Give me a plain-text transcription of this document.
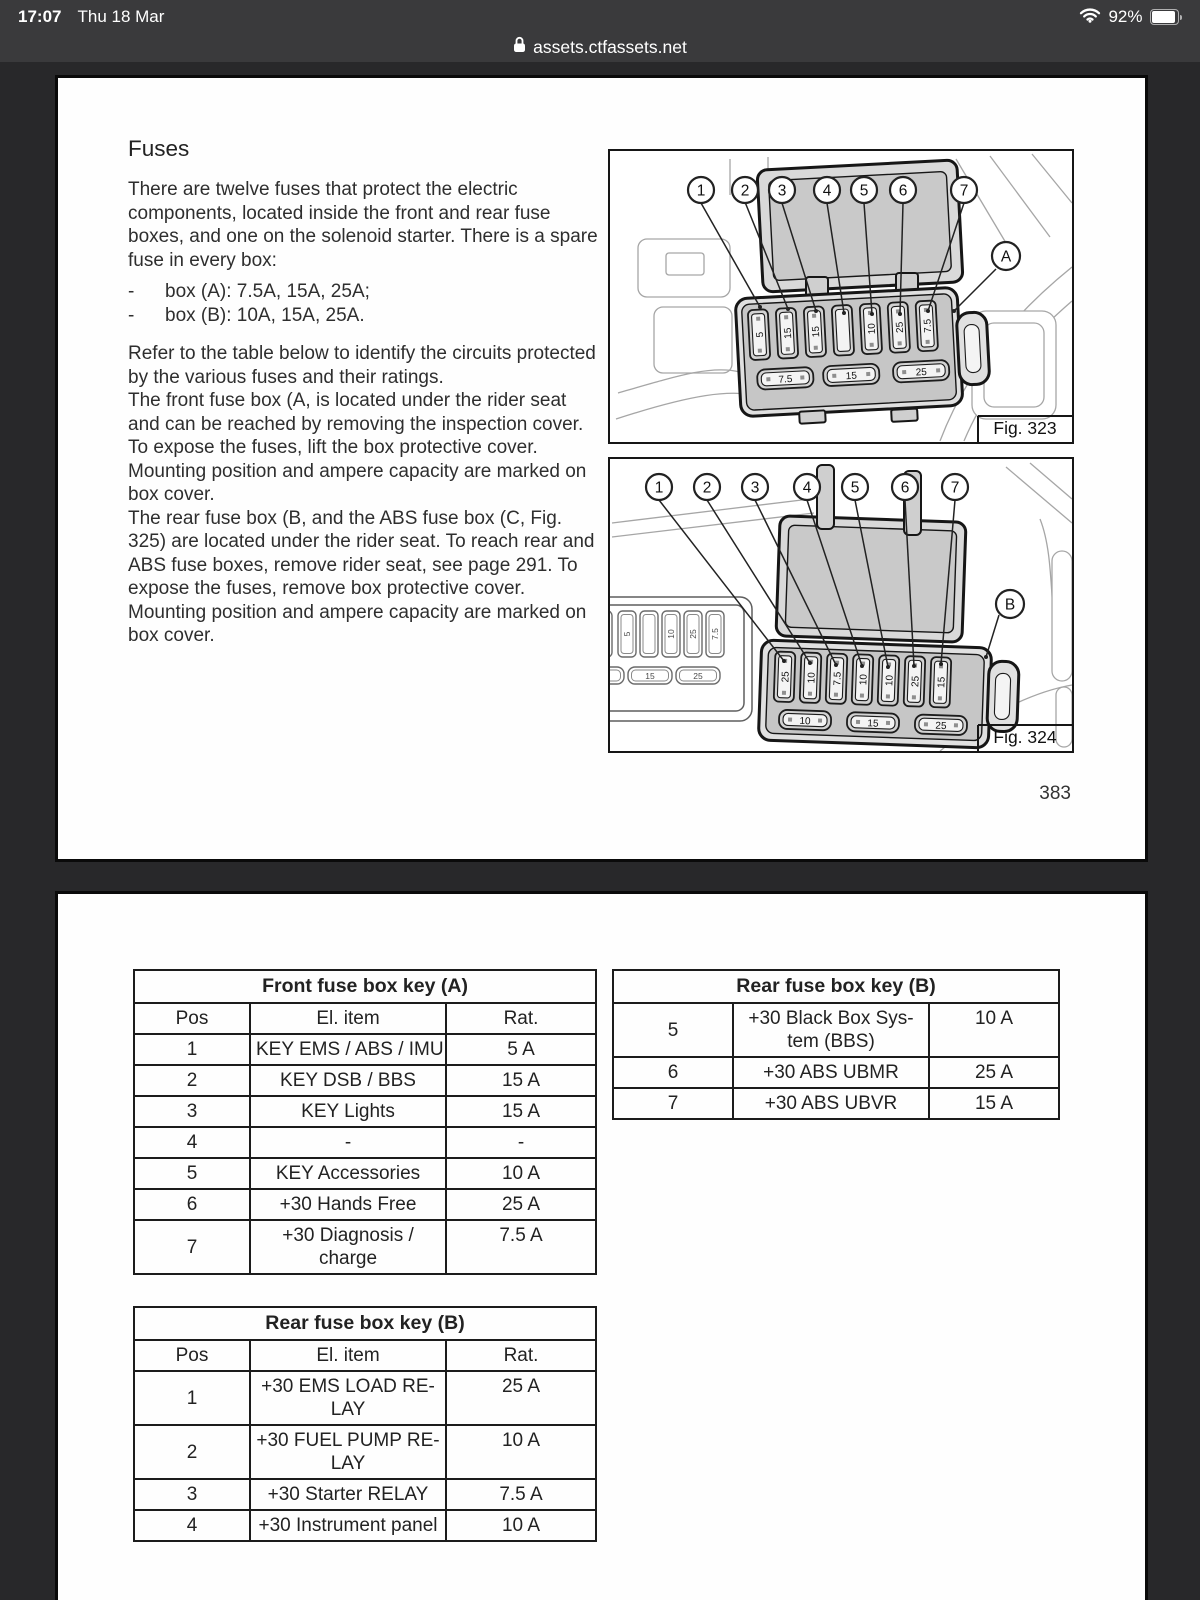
17:07 Thu 18 Mar	92%
assets.ctfassets.net
Fuses

There are twelve fuses that protect the electric components, located inside the front and rear fuse boxes, and one on the solenoid starter. There is a spare fuse in every box:

-	box (A): 7.5A, 15A, 25A;
-	box (B): 10A, 15A, 25A.
Refer to the table below to identify the circuits protected by the various fuses and their ratings.
The front fuse box (A, is located under the rider seat and can be reached by removing the inspection cover. To expose the fuses, lift the box protective cover. Mounting position and ampere capacity are marked on box cover.
The rear fuse box (B, and the ABS fuse box (C, Fig. 325) are located under the rider seat. To reach rear and ABS fuse boxes, remove rider seat, see page 291. To expose the fuses, remove box protective cover. Mounting position and ampere capacity are marked on box cover.
5 15 15	10 25 7.5
7.5	15	25
1 2 3 4 5 6	7
A
Fig. 323
5	10 25 7.5
15	25	25 10 7.5 10 10 25 15
10	15	25
1	2	3	4	5	6	7
B
Fig. 324
383
Front fuse box key (A)		
Pos	El. item	Rat.
1	KEY EMS / ABS / IMU	5 A
2	KEY DSB / BBS	15 A
3	KEY Lights	15 A
4	-	-
5	KEY Accessories	10 A
6	+30 Hands Free	25 A
7	+30 Diagnosis / charge	7.5 A
Rear fuse box key (B)		
5	+30 Black Box Sys- tem (BBS)	10 A
6	+30 ABS UBMR	25 A
7	+30 ABS UBVR	15 A
Rear fuse box key (B)		
Pos	El. item	Rat.
1	+30 EMS LOAD RE- LAY	25 A
2	+30 FUEL PUMP RE- LAY	10 A
3	+30 Starter RELAY	7.5 A
4	+30 Instrument panel	10 A
